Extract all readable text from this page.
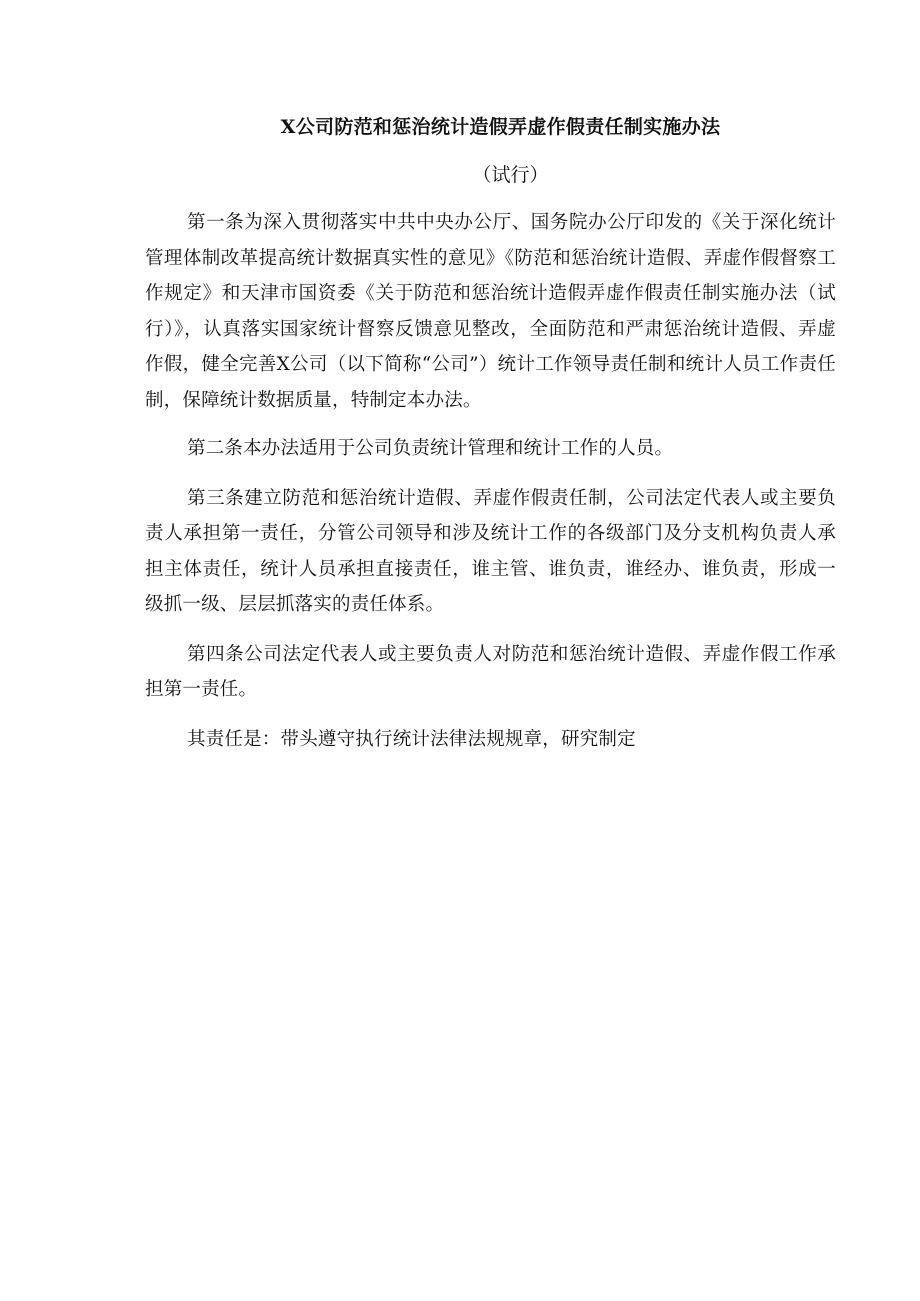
X公司防范和惩治统计造假弄虚作假责任制实施办法
（试行）

第一条为深入贯彻落实中共中央办公厅、国务院办公厅印发的《关于深化统计管理体制改革提高统计数据真实性的意见》《防范和惩治统计造假、弄虚作假督察工作规定》和天津市国资委《关于防范和惩治统计造假弄虚作假责任制实施办法（试行）》，认真落实国家统计督察反馈意见整改，全面防范和严肃惩治统计造假、弄虚作假，健全完善X公司（以下简称“公司”）统计工作领导责任制和统计人员工作责任制，保障统计数据质量，特制定本办法。

第二条本办法适用于公司负责统计管理和统计工作的人员。

第三条建立防范和惩治统计造假、弄虚作假责任制，公司法定代表人或主要负责人承担第一责任，分管公司领导和涉及统计工作的各级部门及分支机构负责人承担主体责任，统计人员承担直接责任，谁主管、谁负责，谁经办、谁负责，形成一级抓一级、层层抓落实的责任体系。

第四条公司法定代表人或主要负责人对防范和惩治统计造假、弄虚作假工作承担第一责任。

其责任是：带头遵守执行统计法律法规规章，研究制定
